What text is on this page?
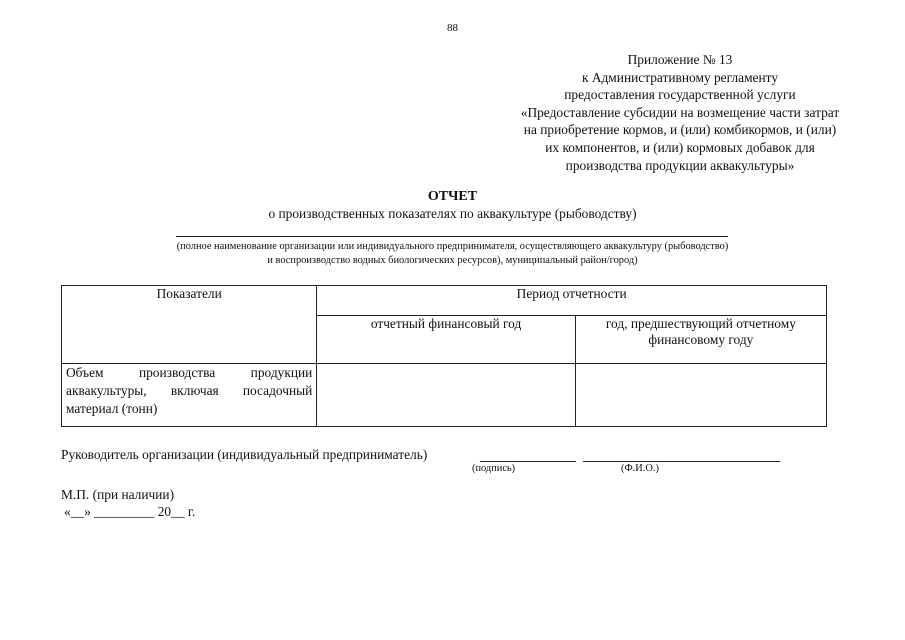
88
Приложение № 13
к Административному регламенту
предоставления государственной услуги
«Предоставление субсидии на возмещение части затрат
на приобретение кормов, и (или) комбикормов, и (или)
их компонентов, и (или) кормовых добавок для
производства продукции аквакультуры»
ОТЧЕТ
о производственных показателях по аквакультуре (рыбоводству)
(полное наименование организации или индивидуального предпринимателя, осуществляющего аквакультуру (рыбоводство)
и воспроизводство водных биологических ресурсов), муниципальный район/город)
Показатели	Период отчетности	
	отчетный финансовый год	год, предшествующий отчетному финансовому году

Объем производства продукции
аквакультуры, включая посадочный
материал (тонн)		

Руководитель организации (индивидуальный предприниматель)
(подпись)	(Ф.И.О.)
М.П. (при наличии)
«__» _________ 20__ г.
